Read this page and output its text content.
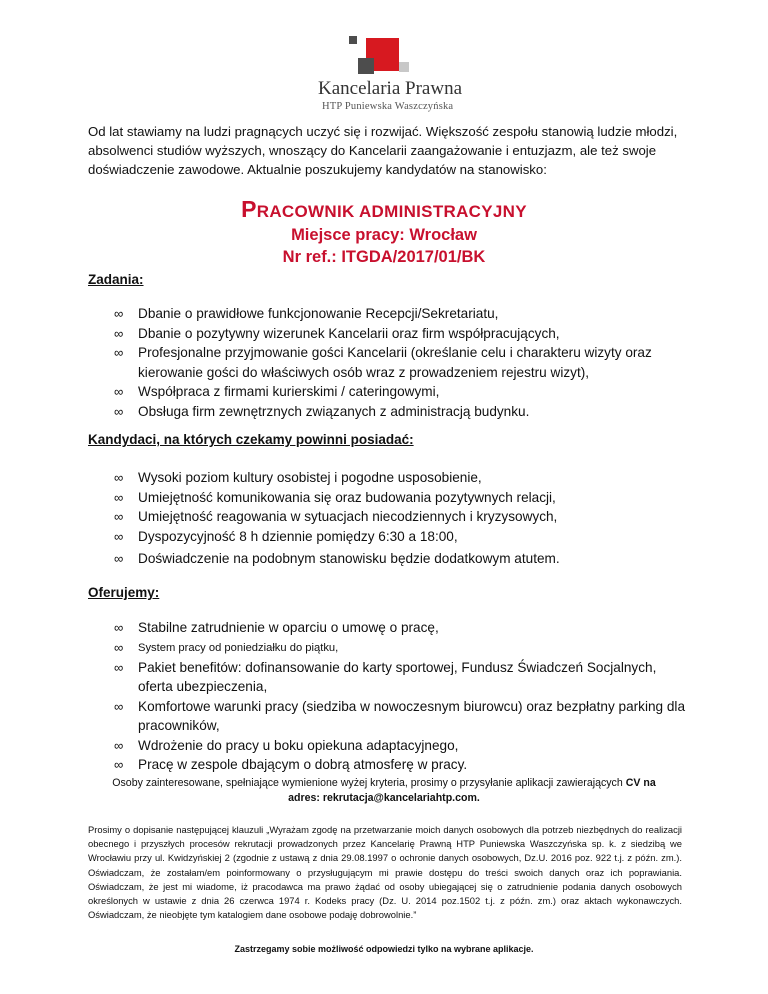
Kancelaria Prawna
HTP Puniewska Waszczyńska
Od lat stawiamy na ludzi pragnących uczyć się i rozwijać. Większość zespołu stanowią ludzie młodzi, absolwenci studiów wyższych, wnoszący do Kancelarii zaangażowanie i entuzjazm, ale też swoje doświadczenie zawodowe. Aktualnie poszukujemy kandydatów na stanowisko:
PRACOWNIK ADMINISTRACYJNY
Miejsce pracy: Wrocław
Nr ref.: ITGDA/2017/01/BK
Zadania:
∞ Dbanie o prawidłowe funkcjonowanie Recepcji/Sekretariatu,
∞ Dbanie o pozytywny wizerunek Kancelarii oraz firm współpracujących,
∞ Profesjonalne przyjmowanie gości Kancelarii (określanie celu i charakteru wizyty oraz kierowanie gości do właściwych osób wraz z prowadzeniem rejestru wizyt),
∞ Współpraca z firmami kurierskimi / cateringowymi,
∞ Obsługa firm zewnętrznych związanych z administracją budynku.
Kandydaci, na których czekamy powinni posiadać:
∞ Wysoki poziom kultury osobistej i pogodne usposobienie,
∞ Umiejętność komunikowania się oraz budowania pozytywnych relacji,
∞ Umiejętność reagowania w sytuacjach niecodziennych i kryzysowych,
∞ Dyspozycyjność 8 h dziennie pomiędzy 6:30 a 18:00,
∞ Doświadczenie na podobnym stanowisku będzie dodatkowym atutem.
Oferujemy:
∞ Stabilne zatrudnienie w oparciu o umowę o pracę,
∞ System pracy od poniedziałku do piątku,
∞ Pakiet benefitów: dofinansowanie do karty sportowej, Fundusz Świadczeń Socjalnych, oferta ubezpieczenia,
∞ Komfortowe warunki pracy (siedziba w nowoczesnym biurowcu) oraz bezpłatny parking dla pracowników,
∞ Wdrożenie do pracy u boku opiekuna adaptacyjnego,
∞ Pracę w zespole dbającym o dobrą atmosferę w pracy.
Osoby zainteresowane, spełniające wymienione wyżej kryteria, prosimy o przysyłanie aplikacji zawierających CV na
adres: rekrutacja@kancelariahtp.com.
Prosimy o dopisanie następującej klauzuli „Wyrażam zgodę na przetwarzanie moich danych osobowych dla potrzeb niezbędnych do realizacji obecnego i przyszłych procesów rekrutacji prowadzonych przez Kancelarię Prawną HTP Puniewska Waszczyńska sp. k. z siedzibą we Wrocławiu przy ul. Kwidzyńskiej 2 (zgodnie z ustawą z dnia 29.08.1997 o ochronie danych osobowych, Dz.U. 2016 poz. 922 t.j. z późn. zm.). Oświadczam, że zostałam/em poinformowany o przysługującym mi prawie dostępu do treści swoich danych oraz ich poprawiania. Oświadczam, że jest mi wiadome, iż pracodawca ma prawo żądać od osoby ubiegającej się o zatrudnienie podania danych osobowych określonych w ustawie z dnia 26 czerwca 1974 r. Kodeks pracy (Dz. U. 2014 poz.1502 t.j. z późn. zm.) oraz aktach wykonawczych. Oświadczam, że nieobjęte tym katalogiem dane osobowe podaję dobrowolnie.”
Zastrzegamy sobie możliwość odpowiedzi tylko na wybrane aplikacje.
